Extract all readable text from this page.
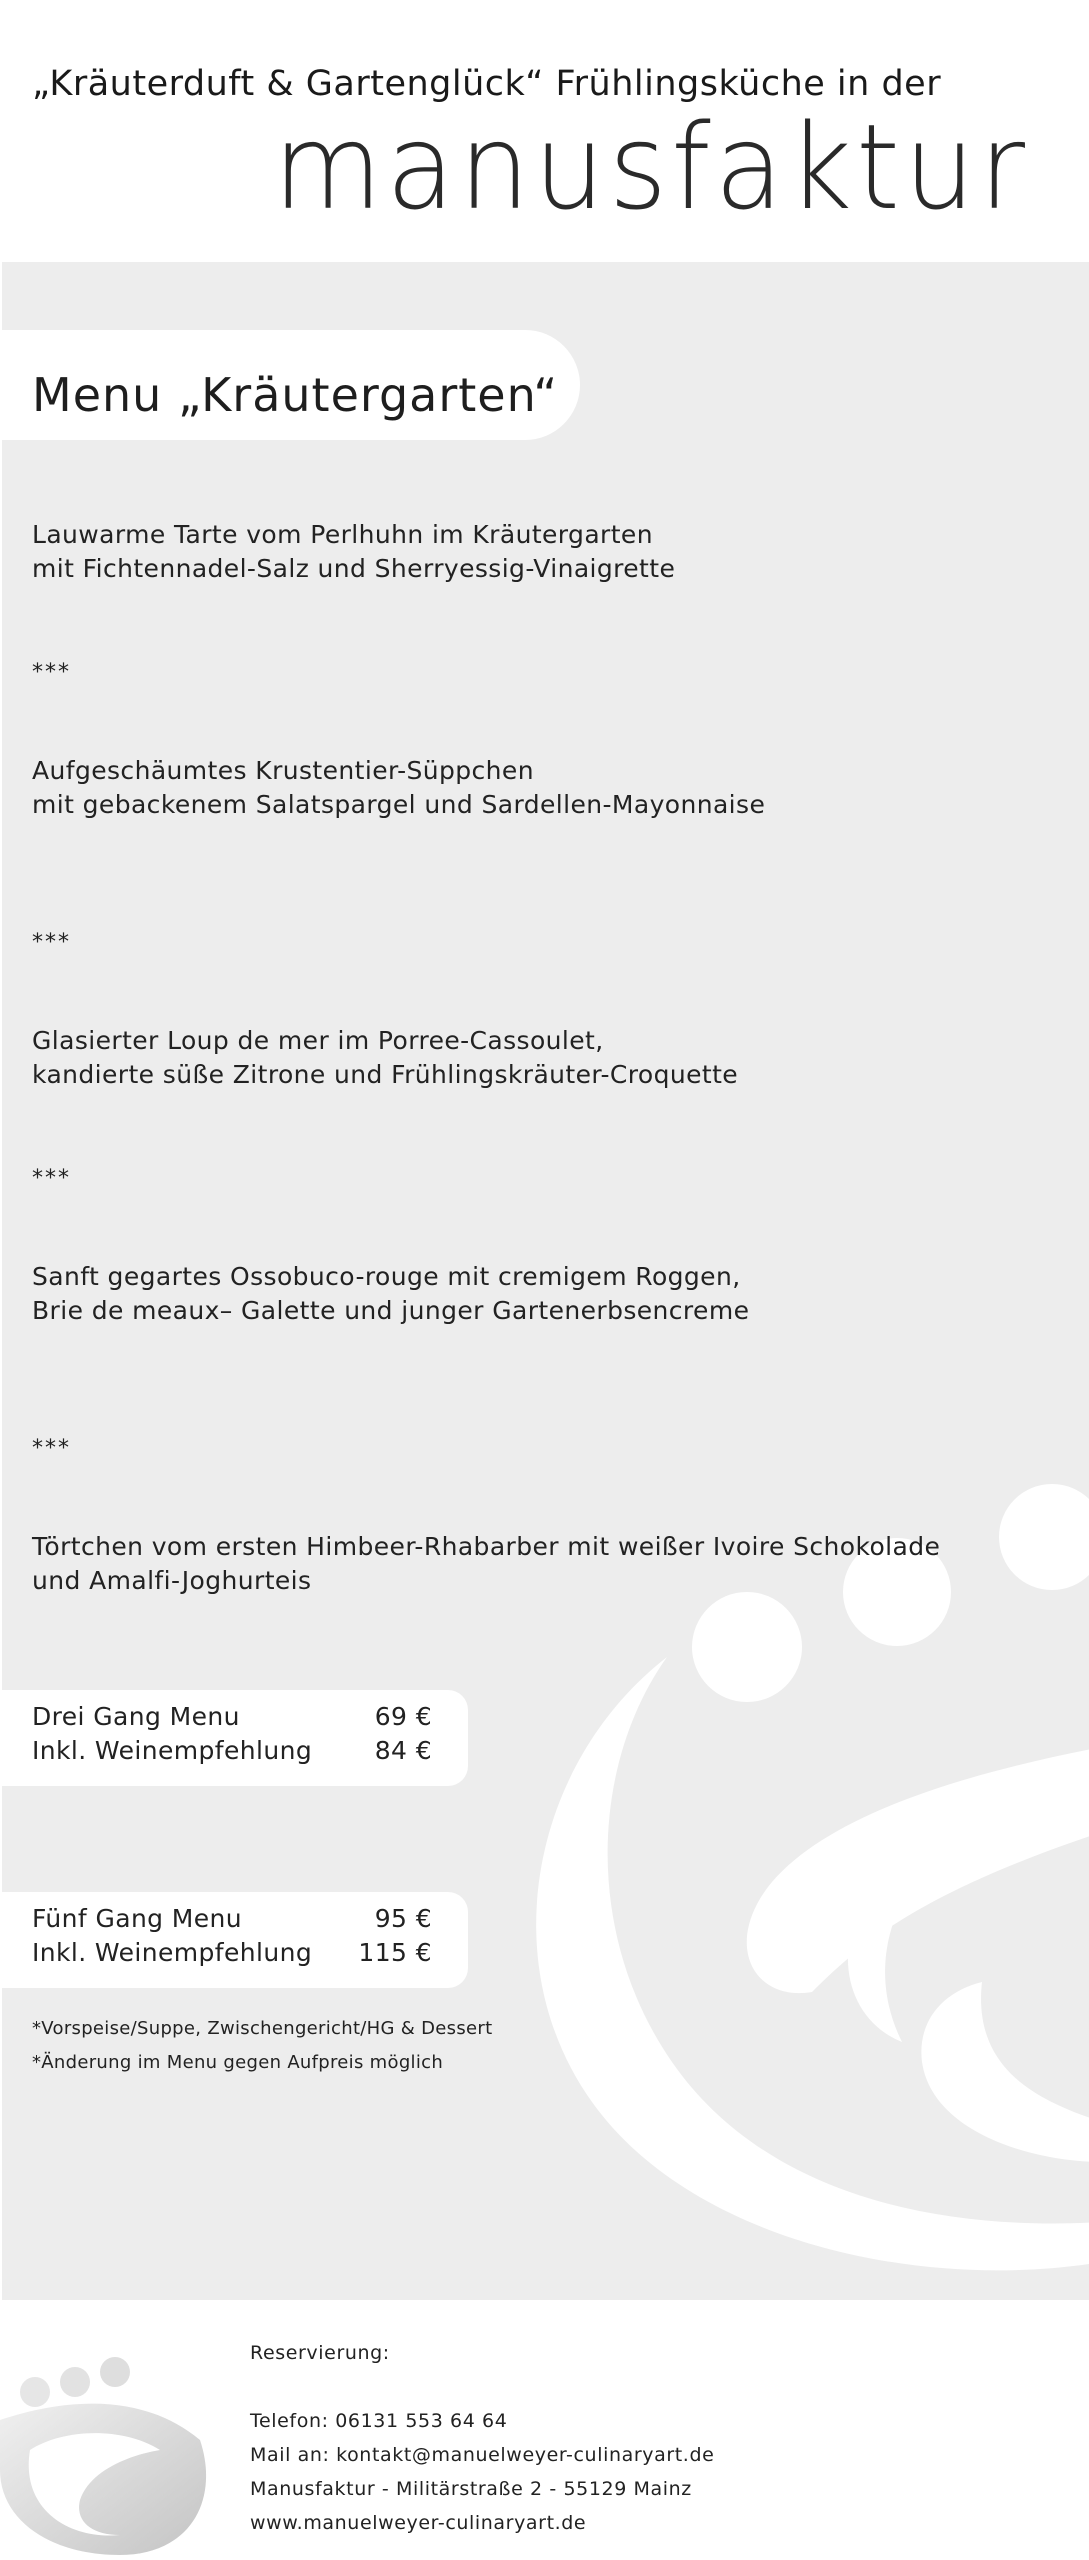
„Kräuterduft & Gartenglück“ Frühlingsküche in der
manusfaktur
Menu „Kräutergarten“

Lauwarme Tarte vom Perlhuhn im Kräutergarten
mit Fichtennadel-Salz und Sherryessig-Vinaigrette

***

Aufgeschäumtes Krustentier-Süppchen
mit gebackenem Salatspargel und Sardellen-Mayonnaise

***

Glasierter Loup de mer im Porree-Cassoulet,
kandierte süße Zitrone und Frühlingskräuter-Croquette

***

Sanft gegartes Ossobuco-rouge mit cremigem Roggen,
Brie de meaux– Galette und junger Gartenerbsencreme

***

Törtchen vom ersten Himbeer-Rhabarber mit weißer Ivoire Schokolade
und Amalfi-Joghurteis

Drei Gang Menu	69 €
Inkl. Weinempfehlung	84 €
Fünf Gang Menu	95 €
Inkl. Weinempfehlung 115 €
*Vorspeise/Suppe, Zwischengericht/HG & Dessert
*Änderung im Menu gegen Aufpreis möglich
Reservierung:
Telefon: 06131 553 64 64
Mail an: kontakt@manuelweyer-culinaryart.de
Manusfaktur - Militärstraße 2 - 55129 Mainz
www.manuelweyer-culinaryart.de
